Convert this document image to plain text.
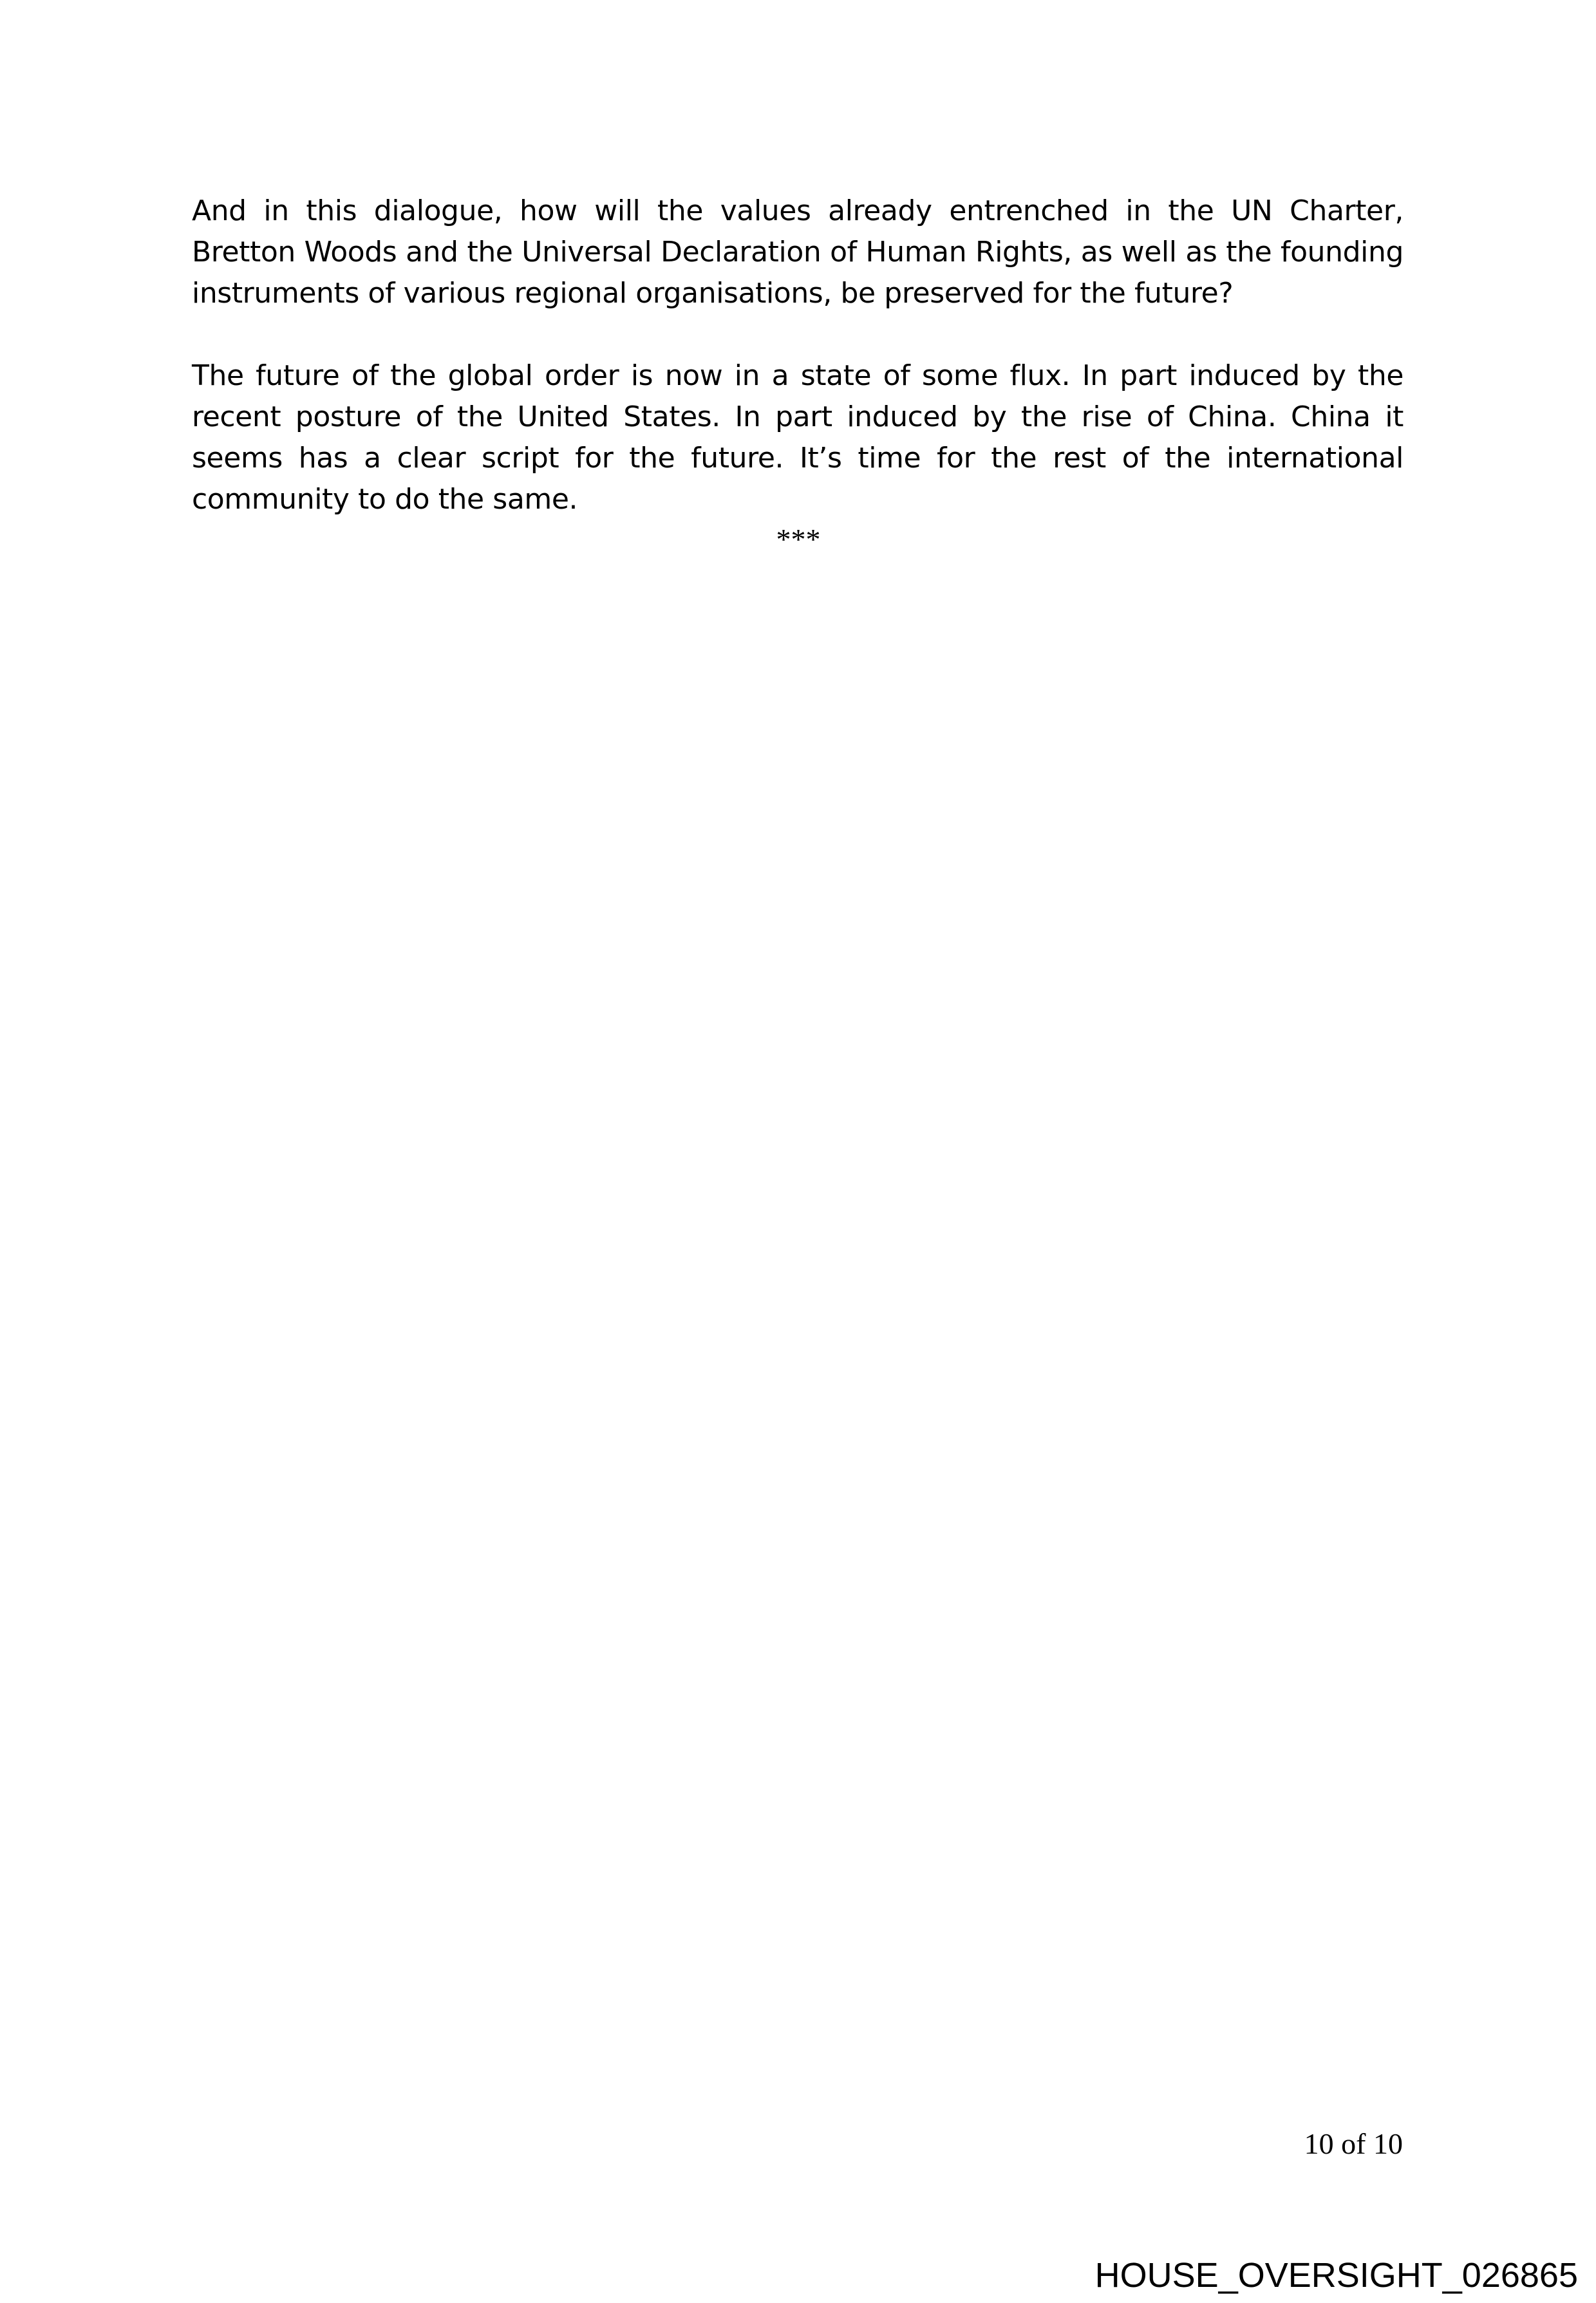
And in this dialogue, how will the values already entrenched in the UN Charter, Bretton Woods and the Universal Declaration of Human Rights, as well as the founding instruments of various regional organisations, be preserved for the future?

The future of the global order is now in a state of some flux. In part induced by the recent posture of the United States. In part induced by the rise of China. China it seems has a clear script for the future. It’s time for the rest of the international community to do the same.

***
10 of 10
HOUSE_OVERSIGHT_026865
